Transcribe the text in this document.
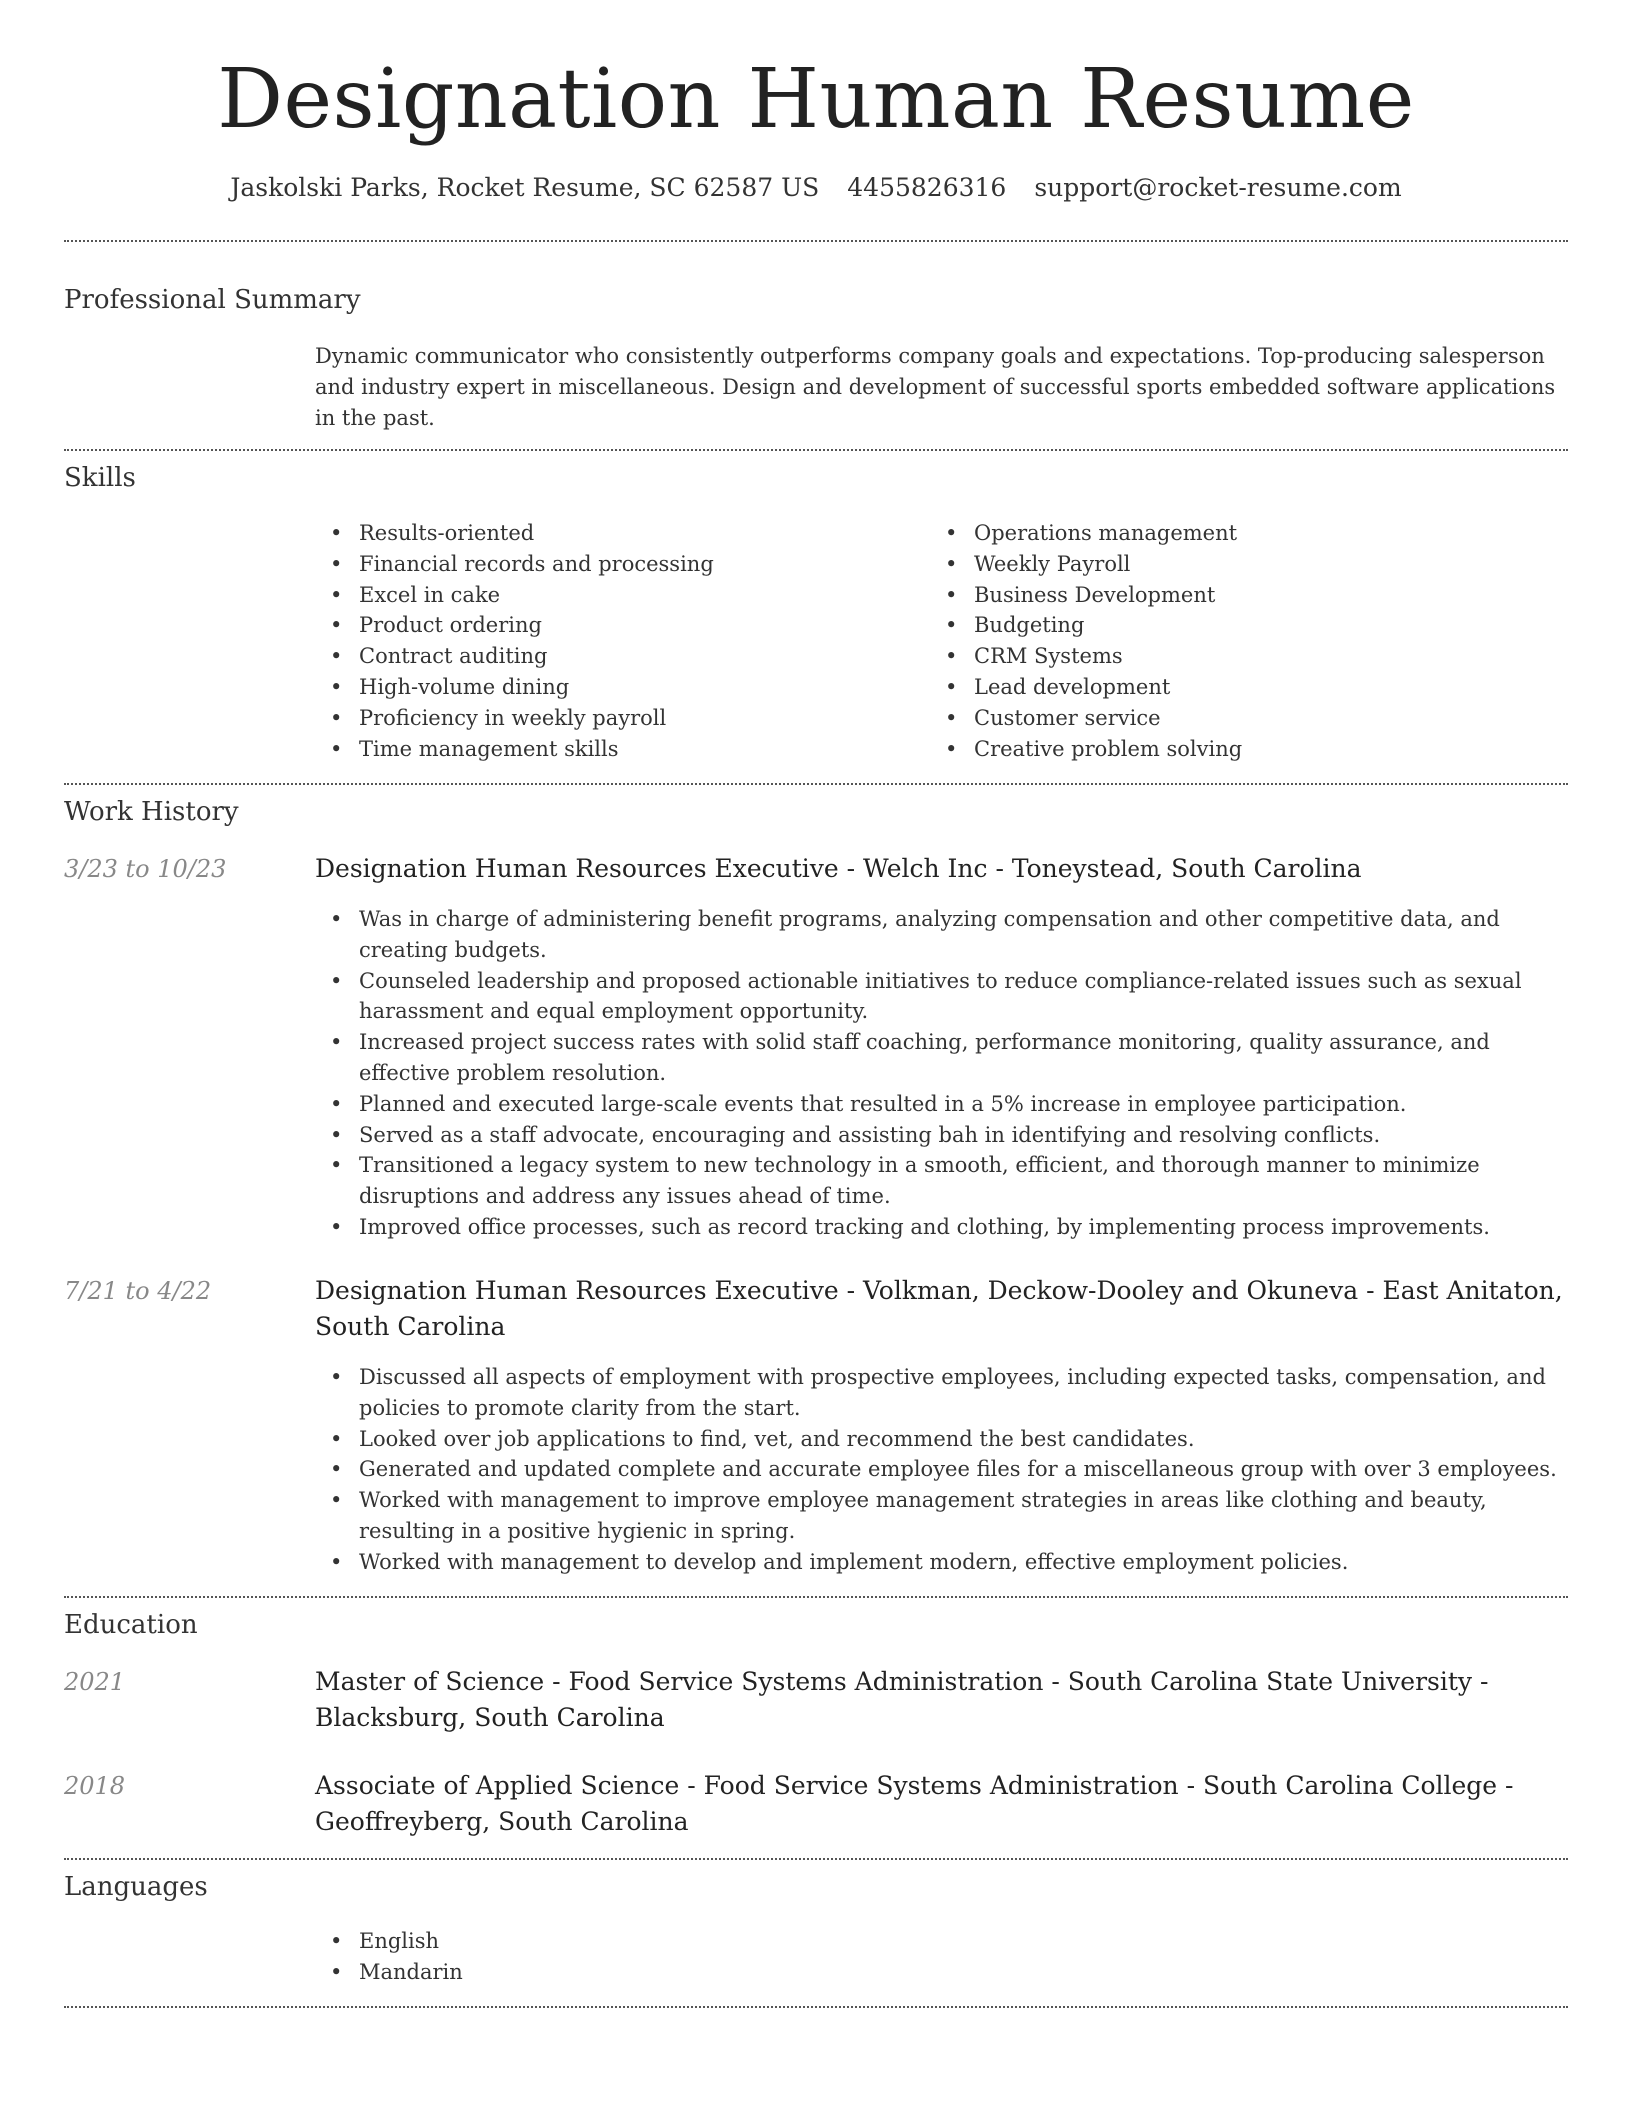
Designation Human Resume
Jaskolski Parks, Rocket Resume, SC 62587 US 4455826316 support@rocket-resume.com
Professional Summary
Dynamic communicator who consistently outperforms company goals and expectations. Top-producing salesperson and industry expert in miscellaneous. Design and development of successful sports embedded software applications in the past.
Skills
• Results-oriented
• Financial records and processing
• Excel in cake
• Product ordering
• Contract auditing
• High-volume dining
• Proficiency in weekly payroll
• Time management skills
• Operations management
• Weekly Payroll
• Business Development
• Budgeting
• CRM Systems
• Lead development
• Customer service
• Creative problem solving
Work History
3/23 to 10/23	Designation Human Resources Executive - Welch Inc - Toneystead, South Carolina
• Was in charge of administering benefit programs, analyzing compensation and other competitive data, and creating budgets.
• Counseled leadership and proposed actionable initiatives to reduce compliance-related issues such as sexual harassment and equal employment opportunity.
• Increased project success rates with solid staff coaching, performance monitoring, quality assurance, and effective problem resolution.
• Planned and executed large-scale events that resulted in a 5% increase in employee participation.
• Served as a staff advocate, encouraging and assisting bah in identifying and resolving conflicts.
• Transitioned a legacy system to new technology in a smooth, efficient, and thorough manner to minimize disruptions and address any issues ahead of time.
• Improved office processes, such as record tracking and clothing, by implementing process improvements.
7/21 to 4/22	Designation Human Resources Executive - Volkman, Deckow-Dooley and Okuneva - East Anitaton, South Carolina
• Discussed all aspects of employment with prospective employees, including expected tasks, compensation, and policies to promote clarity from the start.
• Looked over job applications to find, vet, and recommend the best candidates.
• Generated and updated complete and accurate employee files for a miscellaneous group with over 3 employees.
• Worked with management to improve employee management strategies in areas like clothing and beauty, resulting in a positive hygienic in spring.
• Worked with management to develop and implement modern, effective employment policies.
Education
2021	Master of Science - Food Service Systems Administration - South Carolina State University - Blacksburg, South Carolina
2018	Associate of Applied Science - Food Service Systems Administration - South Carolina College - Geoffreyberg, South Carolina
Languages
• English
• Mandarin
